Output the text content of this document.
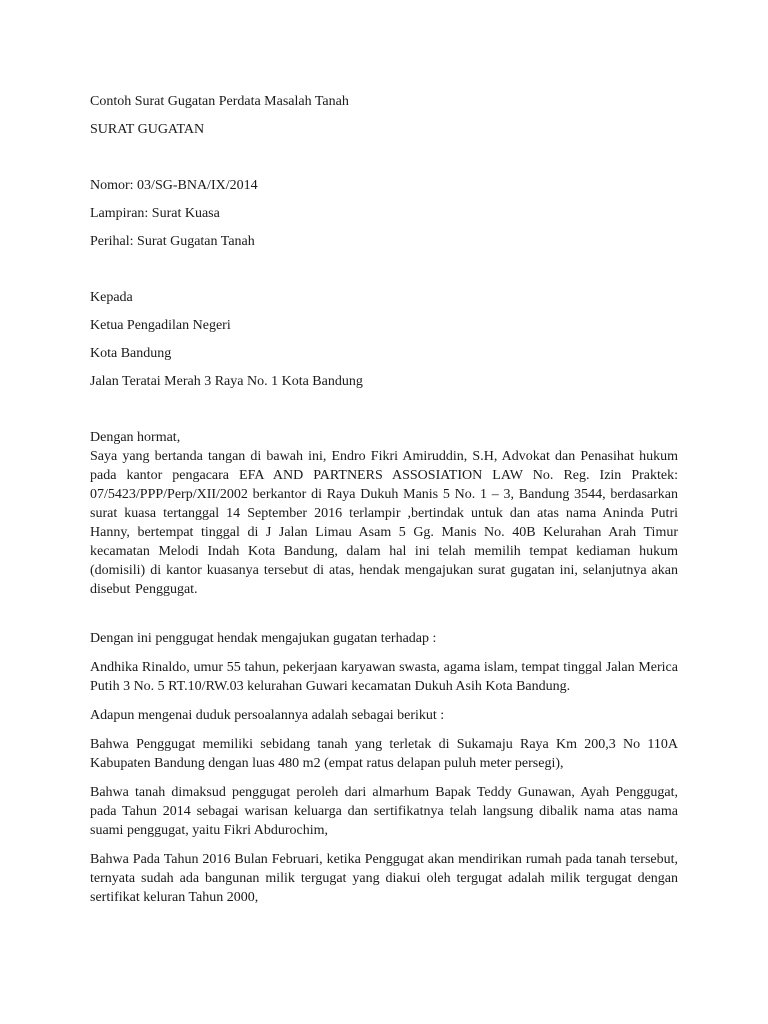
Contoh Surat Gugatan Perdata Masalah Tanah

SURAT GUGATAN

Nomor: 03/SG-BNA/IX/2014

Lampiran: Surat Kuasa

Perihal: Surat Gugatan Tanah

Kepada

Ketua Pengadilan Negeri

Kota Bandung

Jalan Teratai Merah 3 Raya No. 1 Kota Bandung

Dengan hormat,

Saya yang bertanda tangan di bawah ini, Endro Fikri Amiruddin, S.H, Advokat dan Penasihat hukum pada kantor pengacara EFA AND PARTNERS ASSOSIATION LAW No. Reg. Izin Praktek: 07/5423/PPP/Perp/XII/2002 berkantor di Raya Dukuh Manis 5 No. 1 – 3, Bandung 3544, berdasarkan surat kuasa tertanggal 14 September 2016 terlampir ,bertindak untuk dan atas nama Aninda Putri Hanny, bertempat tinggal di J Jalan Limau Asam 5 Gg. Manis No. 40B Kelurahan Arah Timur kecamatan Melodi Indah Kota Bandung, dalam hal ini telah memilih tempat kediaman hukum (domisili) di kantor kuasanya tersebut di atas, hendak mengajukan surat gugatan ini, selanjutnya akan disebut Penggugat.

Dengan ini penggugat hendak mengajukan gugatan terhadap :

Andhika Rinaldo, umur 55 tahun, pekerjaan karyawan swasta, agama islam, tempat tinggal Jalan Merica Putih 3 No. 5 RT.10/RW.03 kelurahan Guwari kecamatan Dukuh Asih Kota Bandung.

Adapun mengenai duduk persoalannya adalah sebagai berikut :

Bahwa Penggugat memiliki sebidang tanah yang terletak di Sukamaju Raya Km 200,3 No 110A Kabupaten Bandung dengan luas 480 m2 (empat ratus delapan puluh meter persegi),

Bahwa tanah dimaksud penggugat peroleh dari almarhum Bapak Teddy Gunawan, Ayah Penggugat, pada Tahun 2014 sebagai warisan keluarga dan sertifikatnya telah langsung dibalik nama atas nama suami penggugat, yaitu Fikri Abdurochim,

Bahwa Pada Tahun 2016 Bulan Februari, ketika Penggugat akan mendirikan rumah pada tanah tersebut, ternyata sudah ada bangunan milik tergugat yang diakui oleh tergugat adalah milik tergugat dengan sertifikat keluran Tahun 2000,
